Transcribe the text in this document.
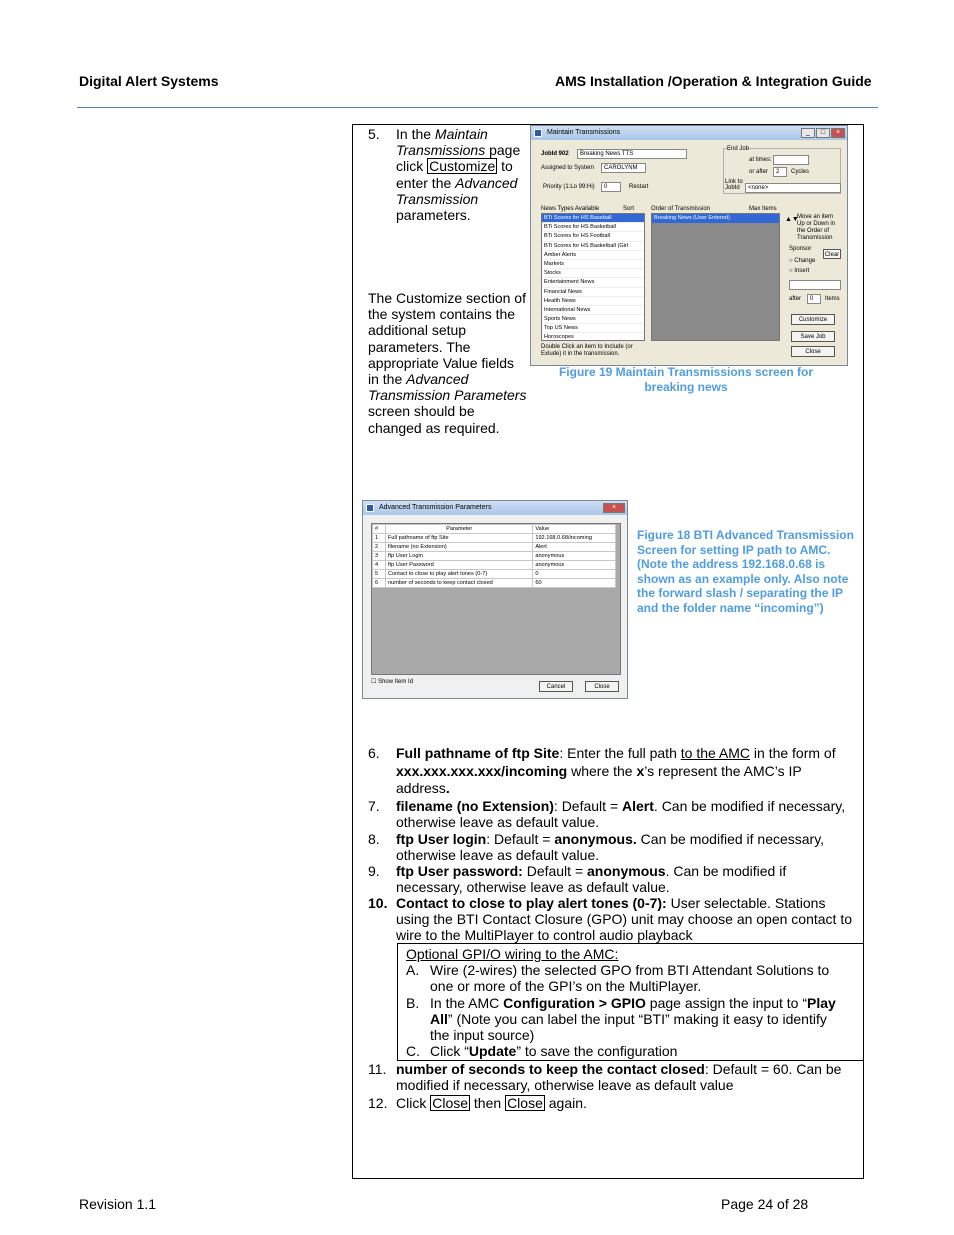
Digital Alert Systems	AMS Installation /Operation & Integration Guide
5. In the Maintain Transmissions page click Customize to enter the Advanced Transmission parameters.
The Customize section of the system contains the additional setup parameters. The appropriate Value fields in the Advanced Transmission Parameters screen should be changed as required.
Maintain Transmissions	_	□	×
JobId 902	Breaking News TTS
Assigned to System	CAROLYNM
Priority (1:Lo 99:Hi)	0	Restart
End Job
at times:
or after	2	Cycles
Link to JobId	<none>
News Types Available	Sort	Order of Transmission	Max Items
BTi Scores for HS Baseball
BTi Scores for HS Basketball
BTi Scores for HS Football
BTi Scores for HS Basketball (Girl
Amber Alerts
Markets
Stocks
Entertainment News
Financial News
Health News
International News
Sports News
Top US News
Horoscopes
Double Click an item to Include (or Exlude) it in the transmission.
Breaking News (User Entered)	Move an item Up or Down in the Order of Transmission
▲▼
Sponsor
Clear
○ Change
○ Insert
after	0	Items
Customize
Save Job
Close
Figure 19 Maintain Transmissions screen for breaking news
Advanced Transmission Parameters	×
#	Parameter	Value
1	Full pathname of ftp Site	192.168.0.68/incoming
2	filename (no Extension)	Alert
3	ftp User Login	anonymous
4	ftp User Password	anonymous
5	Contact to close to play alert tones (0-7)	0
6	number of seconds to keep contact closed	60
☐ Show Item Id
Cancel	Close
Figure 18 BTI Advanced Transmission Screen for setting IP path to AMC. (Note the address 192.168.0.68 is shown as an example only. Also note the forward slash / separating the IP and the folder name “incoming”)
6. Full pathname of ftp Site: Enter the full path to the AMC in the form of xxx.xxx.xxx.xxx/incoming where the x’s represent the AMC’s IP address.
7. filename (no Extension): Default = Alert. Can be modified if necessary, otherwise leave as default value.
8. ftp User login: Default = anonymous. Can be modified if necessary, otherwise leave as default value.
9. ftp User password: Default = anonymous. Can be modified if necessary, otherwise leave as default value.
10. Contact to close to play alert tones (0-7): User selectable. Stations using the BTI Contact Closure (GPO) unit may choose an open contact to wire to the MultiPlayer to control audio playback
Optional GPI/O wiring to the AMC:
A. Wire (2-wires) the selected GPO from BTI Attendant Solutions to one or more of the GPI’s on the MultiPlayer.
B. In the AMC Configuration > GPIO page assign the input to “Play All” (Note you can label the input “BTI” making it easy to identify the input source)
C. Click “Update” to save the configuration
11. number of seconds to keep the contact closed: Default = 60. Can be modified if necessary, otherwise leave as default value
12. Click Close then Close again.
Revision 1.1	Page 24 of 28
